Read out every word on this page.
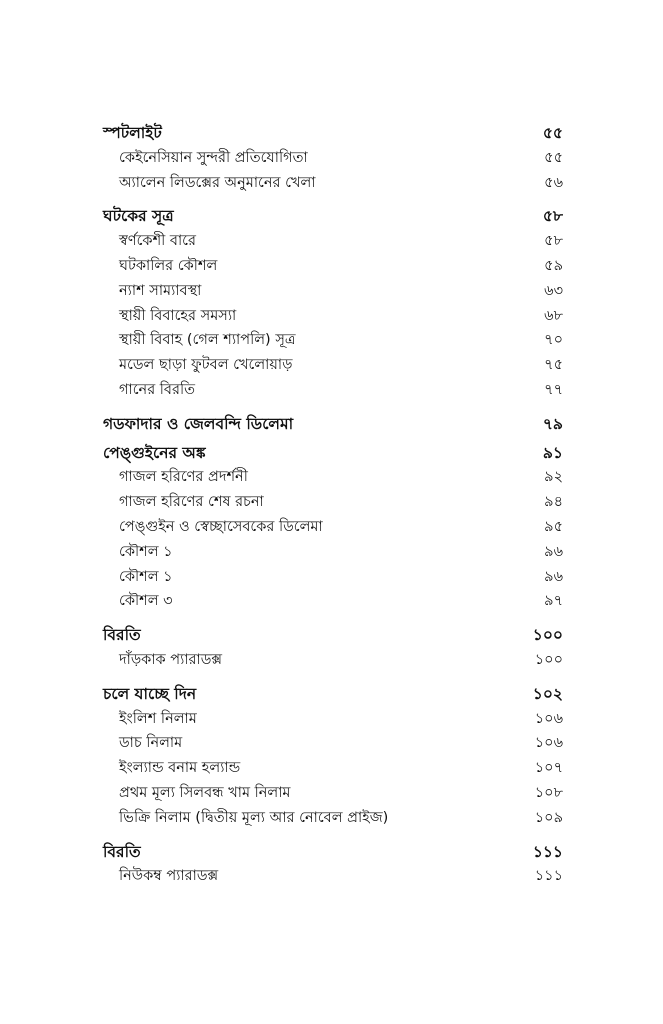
স্পটলাইট	৫৫
কেইনেসিয়ান সুন্দরী প্রতিযোগিতা	৫৫
অ্যালেন লিডক্সের অনুমানের খেলা	৫৬
ঘটকের সূত্র	৫৮
স্বর্ণকেশী বারে	৫৮
ঘটকালির কৌশল	৫৯
ন্যাশ সাম্যাবস্থা	৬৩
স্থায়ী বিবাহের সমস্যা	৬৮
স্থায়ী বিবাহ (গেল শ্যাপলি) সূত্র	৭০
মডেল ছাড়া ফুটবল খেলোয়াড়	৭৫
গানের বিরতি	৭৭
গডফাদার ও জেলবন্দি ডিলেমা	৭৯
পেঙ্গুইনের অঙ্ক	৯১
গাজল হরিণের প্রদর্শনী	৯২
গাজল হরিণের শেষ রচনা	৯৪
পেঙ্গুইন ও স্বেচ্ছাসেবকের ডিলেমা	৯৫
কৌশল ১	৯৬
কৌশল ১	৯৬
কৌশল ৩	৯৭
বিরতি	১০০
দাঁড়কাক প্যারাডক্স	১০০
চলে যাচ্ছে দিন	১০২
ইংলিশ নিলাম	১০৬
ডাচ নিলাম	১০৬
ইংল্যান্ড বনাম হল্যান্ড	১০৭
প্রথম মূল্য সিলবন্ধ খাম নিলাম	১০৮
ভিক্রি নিলাম (দ্বিতীয় মূল্য আর নোবেল প্রাইজ)	১০৯
বিরতি	১১১
নিউকম্ব প্যারাডক্স	১১১
